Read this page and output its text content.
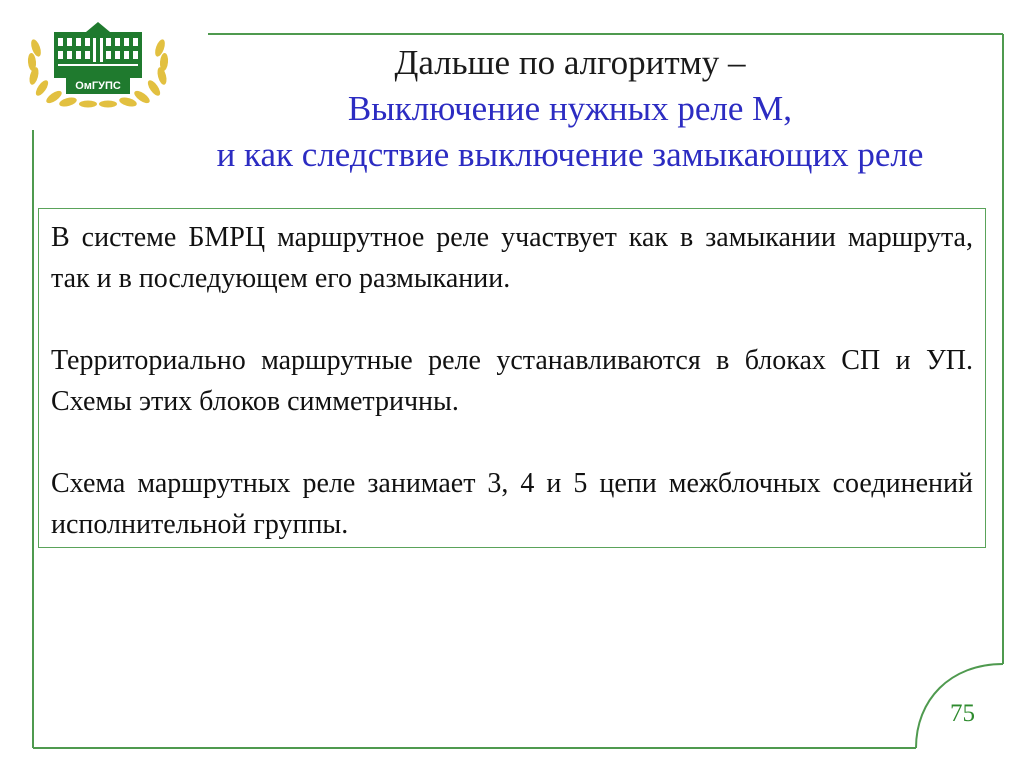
ОмГУПС
Дальше по алгоритму –
Выключение нужных реле М,
и как следствие выключение замыкающих реле

В системе БМРЦ маршрутное реле участвует как в замыкании маршрута, так и в последующем его размыкании.

Территориально маршрутные реле устанавливаются в блоках СП и УП. Схемы этих блоков симметричны.

Схема маршрутных реле занимает 3, 4 и 5 цепи межблочных соединений исполнительной группы.

75
